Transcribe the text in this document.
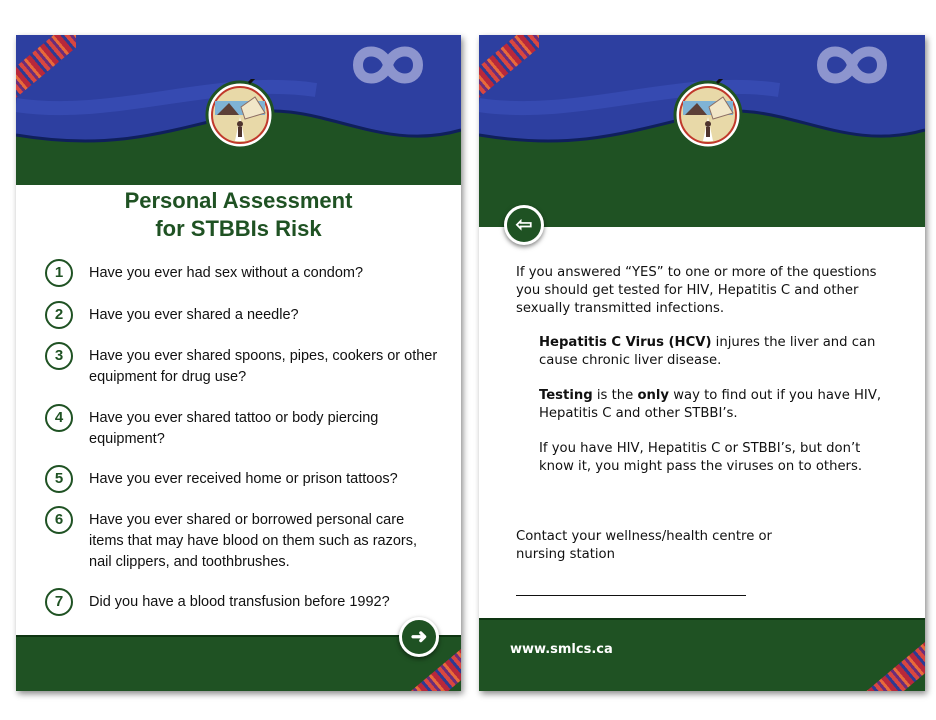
Personal Assessment
for STBBIs Risk
1	Have you ever had sex without a condom?
2	Have you ever shared a needle?
3	Have you ever shared spoons, pipes, cookers or other equipment for drug use?
4	Have you ever shared tattoo or body piercing equipment?
5	Have you ever received home or prison tattoos?
6	Have you ever shared or borrowed personal care items that may have blood on them such as razors, nail clippers, and toothbrushes.
7	Did you have a blood transfusion before 1992?
➜
⇦
If you answered “YES” to one or more of the questions you should get tested for HIV, Hepatitis C and other sexually transmitted infections.
Hepatitis C Virus (HCV) injures the liver and can cause chronic liver disease.
Testing is the only way to find out if you have HIV, Hepatitis C and other STBBI’s.
If you have HIV, Hepatitis C or STBBI’s, but don’t know it, you might pass the viruses on to others.
Contact your wellness/health centre or nursing station
www.smlcs.ca
